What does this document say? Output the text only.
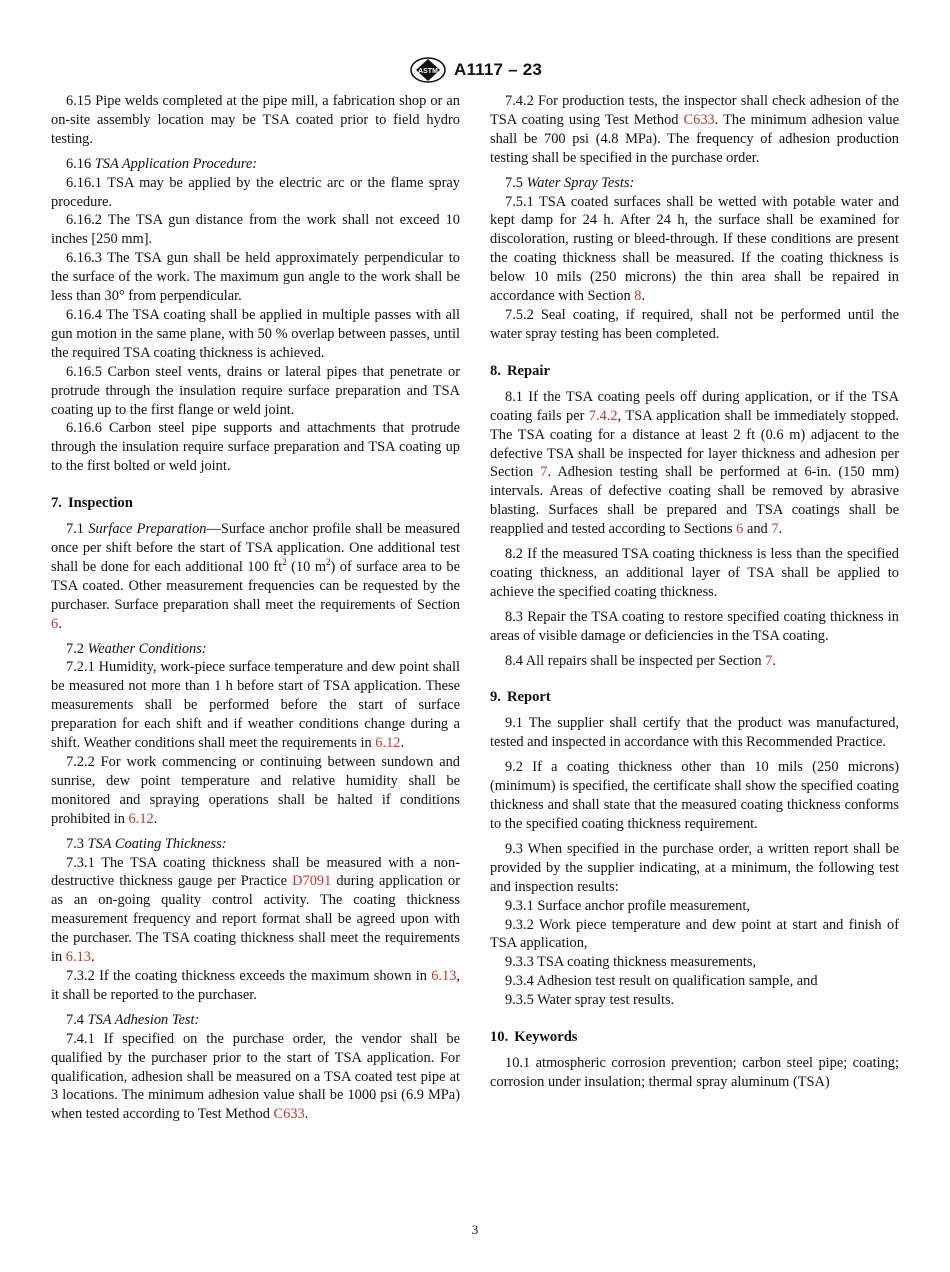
ASTM A1117 – 23

6.15 Pipe welds completed at the pipe mill, a fabrication shop or an on-site assembly location may be TSA coated prior to field hydro testing.

6.16 TSA Application Procedure:

6.16.1 TSA may be applied by the electric arc or the flame spray procedure.

6.16.2 The TSA gun distance from the work shall not exceed 10 inches [250 mm].

6.16.3 The TSA gun shall be held approximately perpendicular to the surface of the work. The maximum gun angle to the work shall be less than 30° from perpendicular.

6.16.4 The TSA coating shall be applied in multiple passes with all gun motion in the same plane, with 50 % overlap between passes, until the required TSA coating thickness is achieved.

6.16.5 Carbon steel vents, drains or lateral pipes that penetrate or protrude through the insulation require surface preparation and TSA coating up to the first flange or weld joint.

6.16.6 Carbon steel pipe supports and attachments that protrude through the insulation require surface preparation and TSA coating up to the first bolted or weld joint.

7. Inspection

7.1 Surface Preparation—Surface anchor profile shall be measured once per shift before the start of TSA application. One additional test shall be done for each additional 100 $ft^2$ (10 $m^2$) of surface area to be TSA coated. Other measurement frequencies can be requested by the purchaser. Surface preparation shall meet the requirements of Section 6.

7.2 Weather Conditions:

7.2.1 Humidity, work-piece surface temperature and dew point shall be measured not more than 1 h before start of TSA application. These measurements shall be performed before the start of surface preparation for each shift and if weather conditions change during a shift. Weather conditions shall meet the requirements in 6.12.

7.2.2 For work commencing or continuing between sundown and sunrise, dew point temperature and relative humidity shall be monitored and spraying operations shall be halted if conditions prohibited in 6.12.

7.3 TSA Coating Thickness:

7.3.1 The TSA coating thickness shall be measured with a non-destructive thickness gauge per Practice D7091 during application or as an on-going quality control activity. The coating thickness measurement frequency and report format shall be agreed upon with the purchaser. The TSA coating thickness shall meet the requirements in 6.13.

7.3.2 If the coating thickness exceeds the maximum shown in 6.13, it shall be reported to the purchaser.

7.4 TSA Adhesion Test:

7.4.1 If specified on the purchase order, the vendor shall be qualified by the purchaser prior to the start of TSA application. For qualification, adhesion shall be measured on a TSA coated test pipe at 3 locations. The minimum adhesion value shall be 1000 psi (6.9 MPa) when tested according to Test Method C633.

7.4.2 For production tests, the inspector shall check adhesion of the TSA coating using Test Method C633. The minimum adhesion value shall be 700 psi (4.8 MPa). The frequency of adhesion production testing shall be specified in the purchase order.

7.5 Water Spray Tests:

7.5.1 TSA coated surfaces shall be wetted with potable water and kept damp for 24 h. After 24 h, the surface shall be examined for discoloration, rusting or bleed-through. If these conditions are present the coating thickness shall be measured. If the coating thickness is below 10 mils (250 microns) the thin area shall be repaired in accordance with Section 8.

7.5.2 Seal coating, if required, shall not be performed until the water spray testing has been completed.

8. Repair

8.1 If the TSA coating peels off during application, or if the TSA coating fails per 7.4.2, TSA application shall be immediately stopped. The TSA coating for a distance at least 2 ft (0.6 m) adjacent to the defective TSA shall be inspected for layer thickness and adhesion per Section 7. Adhesion testing shall be performed at 6-in. (150 mm) intervals. Areas of defective coating shall be removed by abrasive blasting. Surfaces shall be prepared and TSA coatings shall be reapplied and tested according to Sections 6 and 7.

8.2 If the measured TSA coating thickness is less than the specified coating thickness, an additional layer of TSA shall be applied to achieve the specified coating thickness.

8.3 Repair the TSA coating to restore specified coating thickness in areas of visible damage or deficiencies in the TSA coating.

8.4 All repairs shall be inspected per Section 7.

9. Report

9.1 The supplier shall certify that the product was manufactured, tested and inspected in accordance with this Recommended Practice.

9.2 If a coating thickness other than 10 mils (250 microns) (minimum) is specified, the certificate shall show the specified coating thickness and shall state that the measured coating thickness conforms to the specified coating thickness requirement.

9.3 When specified in the purchase order, a written report shall be provided by the supplier indicating, at a minimum, the following test and inspection results:

9.3.1 Surface anchor profile measurement,

9.3.2 Work piece temperature and dew point at start and finish of TSA application,

9.3.3 TSA coating thickness measurements,

9.3.4 Adhesion test result on qualification sample, and

9.3.5 Water spray test results.

10. Keywords

10.1 atmospheric corrosion prevention; carbon steel pipe; coating; corrosion under insulation; thermal spray aluminum (TSA)

3
